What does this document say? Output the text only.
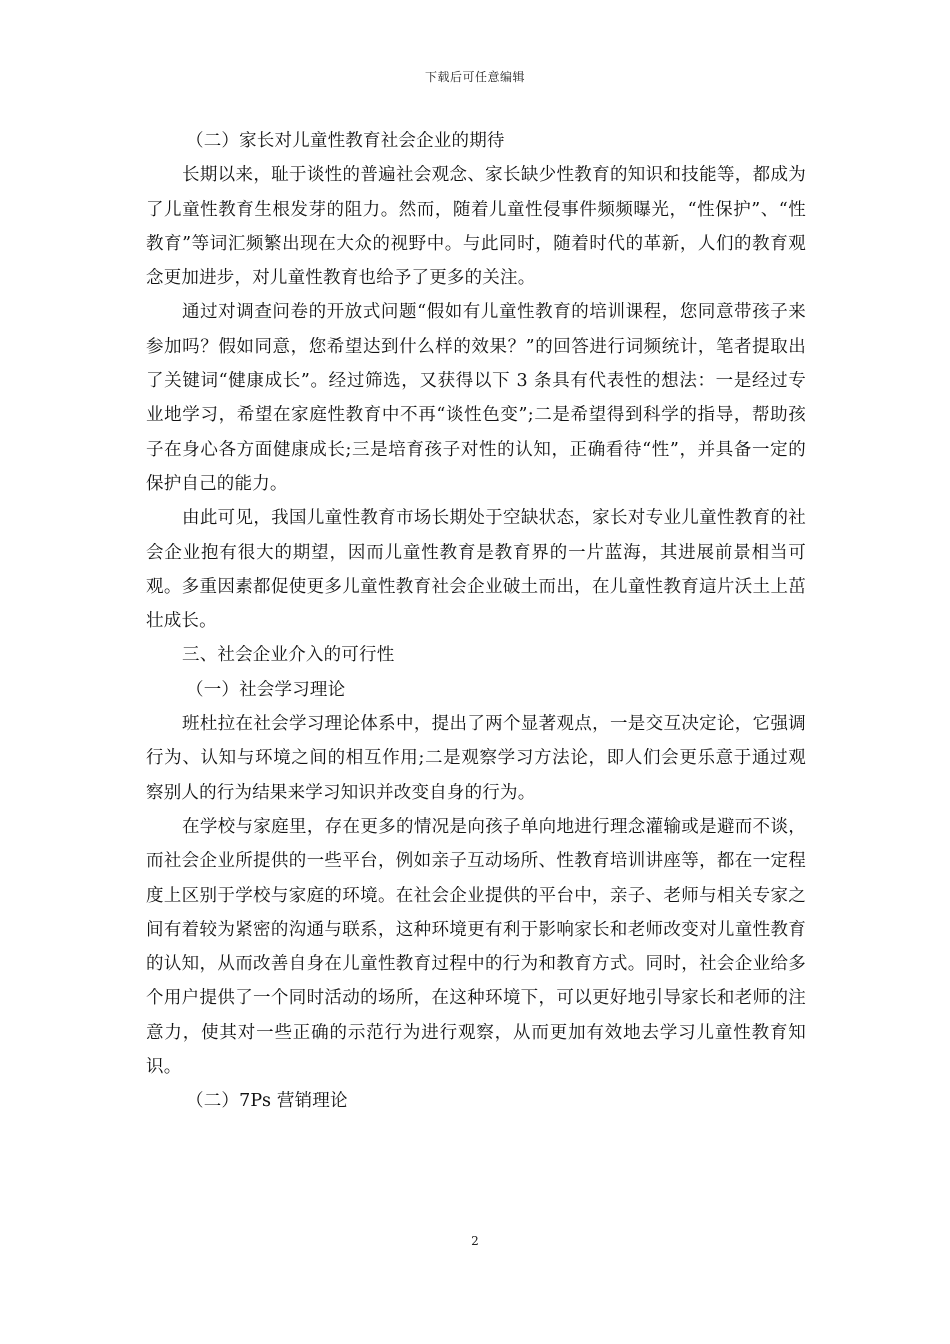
下载后可任意编辑

（二）家长对儿童性教育社会企业的期待

长期以来，耻于谈性的普遍社会观念、家长缺少性教育的知识和技能等，都成为了儿童性教育生根发芽的阻力。然而，随着儿童性侵事件频频曝光，“性保护”、“性教育”等词汇频繁出现在大众的视野中。与此同时，随着时代的革新，人们的教育观念更加进步，对儿童性教育也给予了更多的关注。

通过对调查问卷的开放式问题“假如有儿童性教育的培训课程，您同意带孩子来参加吗？假如同意，您希望达到什么样的效果？”的回答进行词频统计，笔者提取出了关键词“健康成长”。经过筛选，又获得以下 3 条具有代表性的想法：一是经过专业地学习，希望在家庭性教育中不再“谈性色变”;二是希望得到科学的指导，帮助孩子在身心各方面健康成长;三是培育孩子对性的认知，正确看待“性”，并具备一定的保护自己的能力。

由此可见，我国儿童性教育市场长期处于空缺状态，家长对专业儿童性教育的社会企业抱有很大的期望，因而儿童性教育是教育界的一片蓝海，其进展前景相当可观。多重因素都促使更多儿童性教育社会企业破土而出，在儿童性教育這片沃土上茁壮成长。

三、社会企业介入的可行性

（一）社会学习理论

班杜拉在社会学习理论体系中，提出了两个显著观点，一是交互决定论，它强调行为、认知与环境之间的相互作用;二是观察学习方法论，即人们会更乐意于通过观察别人的行为结果来学习知识并改变自身的行为。

在学校与家庭里，存在更多的情况是向孩子单向地进行理念灌输或是避而不谈，而社会企业所提供的一些平台，例如亲子互动场所、性教育培训讲座等，都在一定程度上区别于学校与家庭的环境。在社会企业提供的平台中，亲子、老师与相关专家之间有着较为紧密的沟通与联系，这种环境更有利于影响家长和老师改变对儿童性教育的认知，从而改善自身在儿童性教育过程中的行为和教育方式。同时，社会企业给多个用户提供了一个同时活动的场所，在这种环境下，可以更好地引导家长和老师的注意力，使其对一些正确的示范行为进行观察，从而更加有效地去学习儿童性教育知识。

（二）7Ps 营销理论

2
